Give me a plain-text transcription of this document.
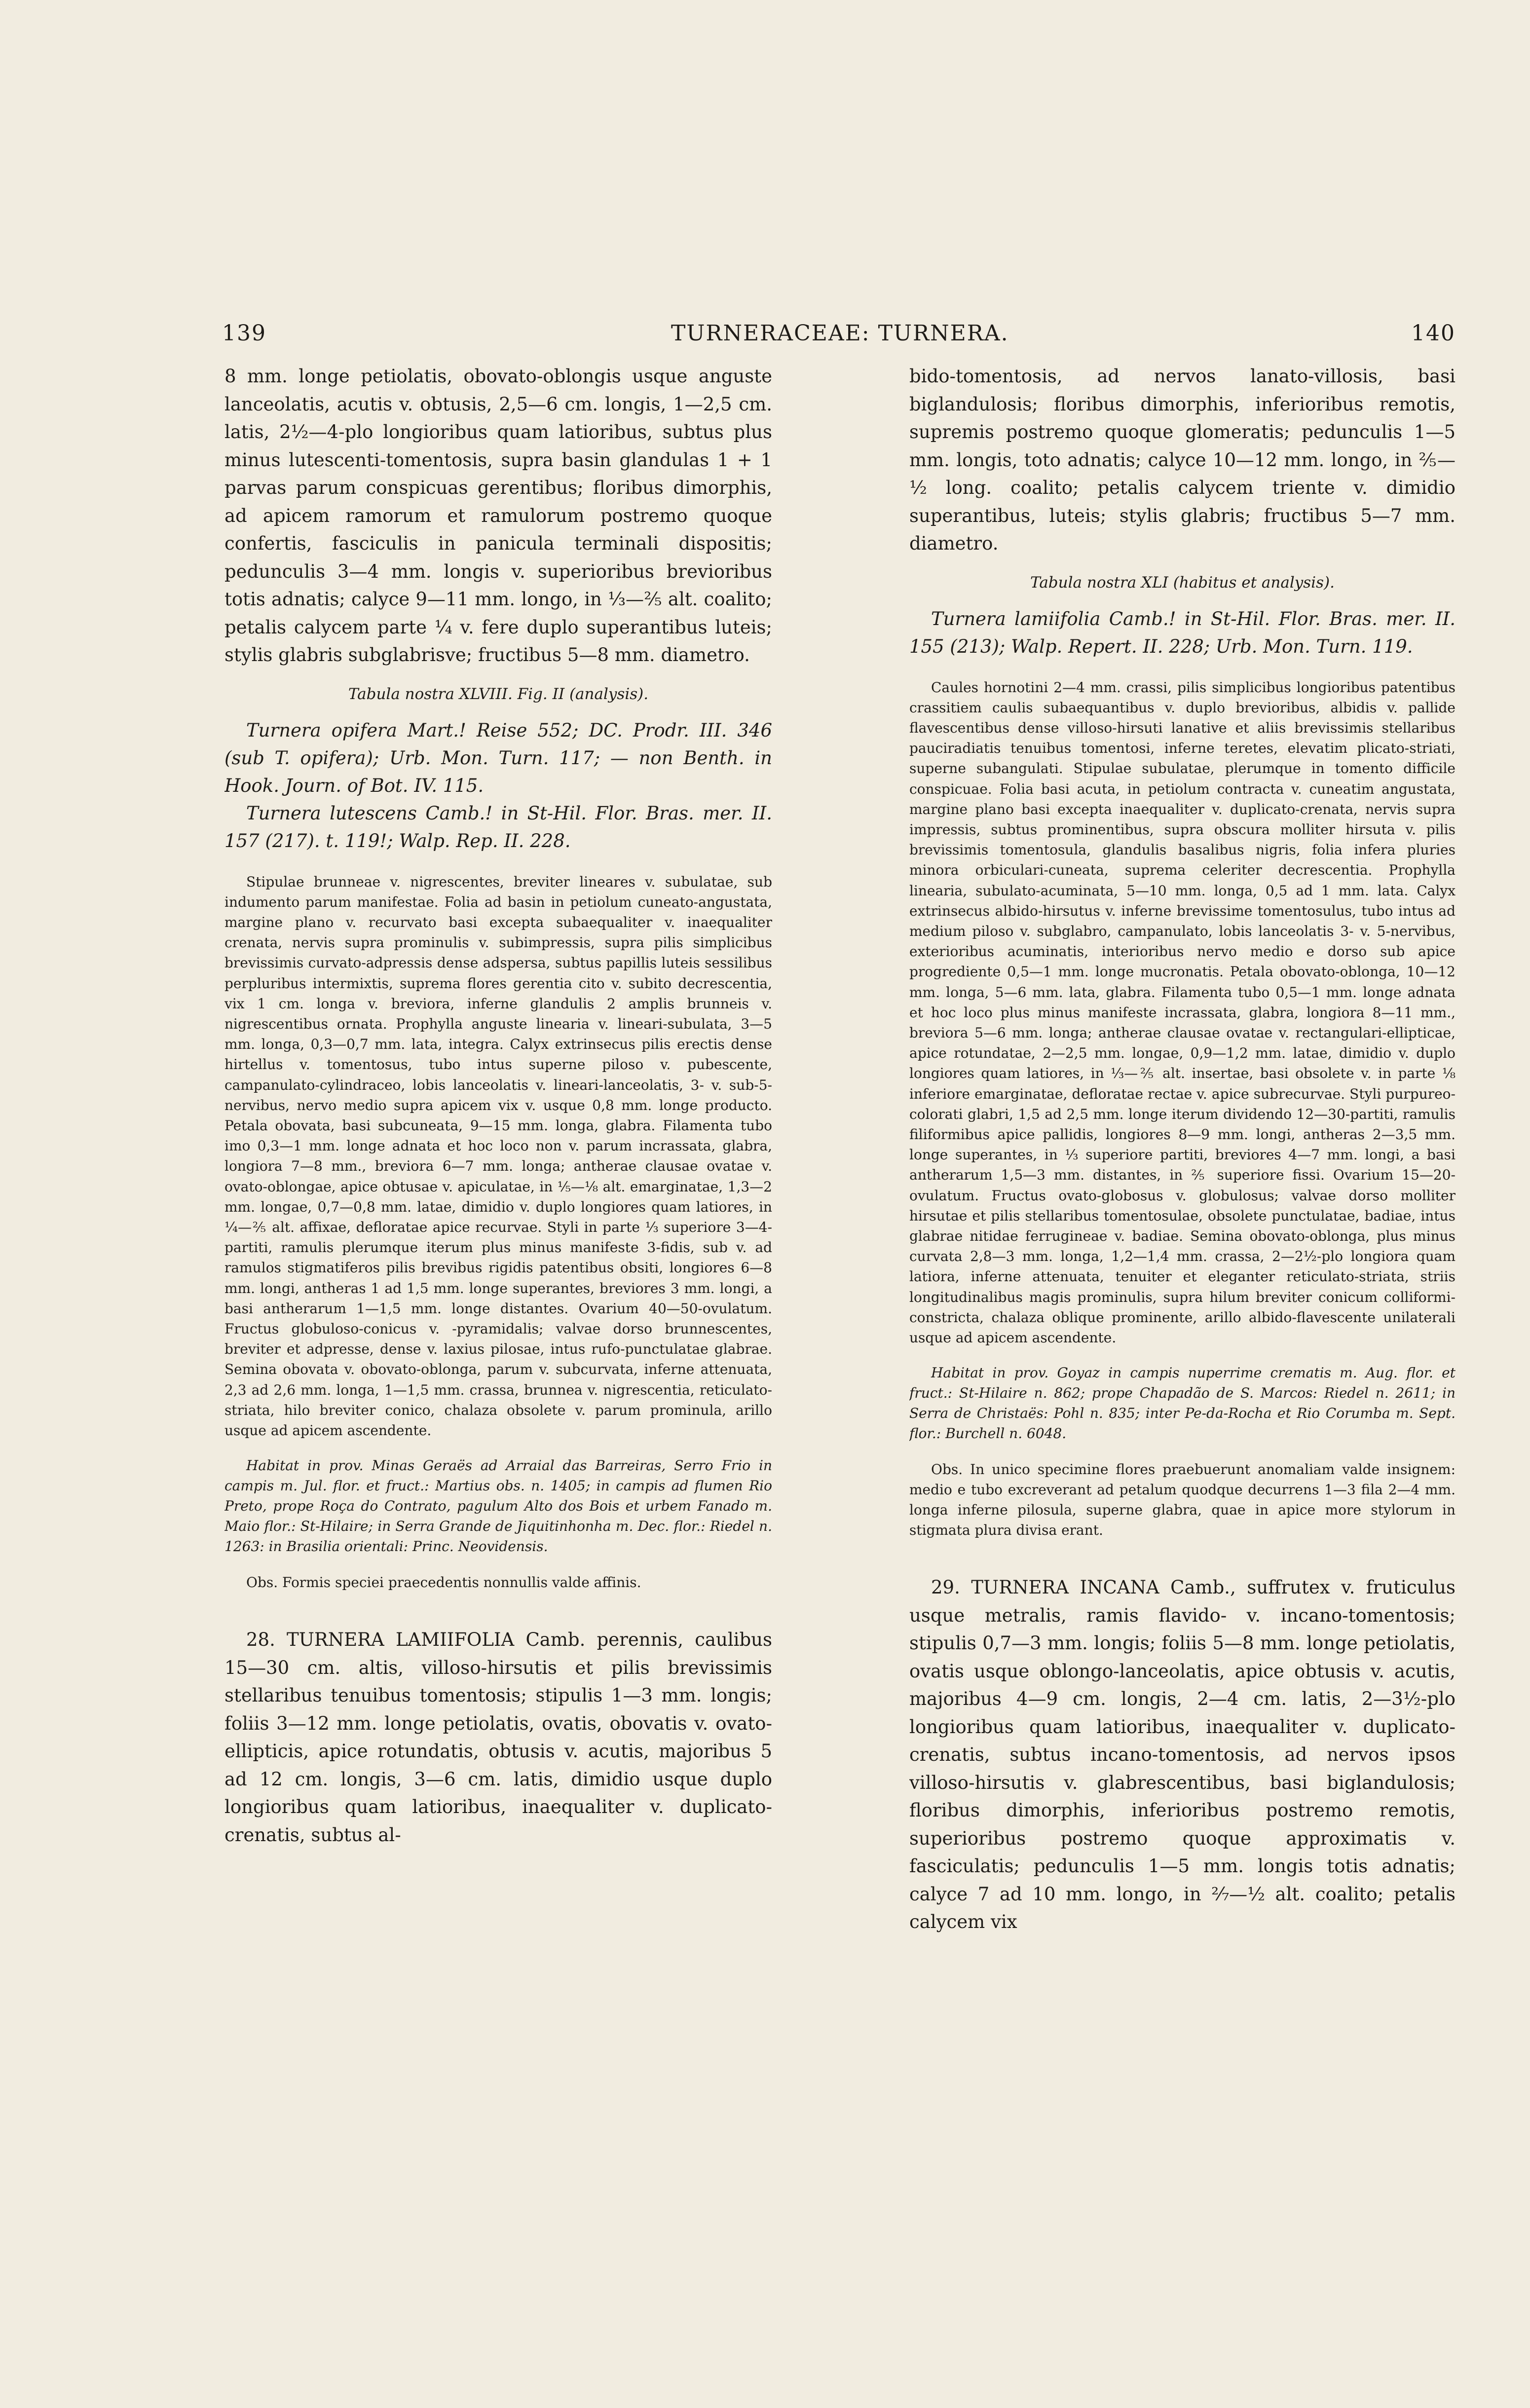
139	TURNERACEAE: TURNERA.	140

8 mm. longe petiolatis, obovato-oblongis usque anguste lanceolatis, acutis v. obtusis, 2,5—6 cm. longis, 1—2,5 cm. latis, 2½—4-plo longioribus quam latioribus, subtus plus minus lutescenti-tomentosis, supra basin glandulas 1 + 1 parvas parum conspicuas gerentibus; floribus dimorphis, ad apicem ramorum et ramulorum postremo quoque confertis, fasciculis in panicula terminali dispositis; pedunculis 3—4 mm. longis v. superioribus brevioribus totis adnatis; calyce 9—11 mm. longo, in ⅓—⅖ alt. coalito; petalis calycem parte ¼ v. fere duplo superantibus luteis; stylis glabris subglabrisve; fructibus 5—8 mm. diametro.

Tabula nostra XLVIII. Fig. II (analysis).

Turnera opifera Mart.! Reise 552; DC. Prodr. III. 346 (sub T. opifera); Urb. Mon. Turn. 117; — non Benth. in Hook. Journ. of Bot. IV. 115.

Turnera lutescens Camb.! in St-Hil. Flor. Bras. mer. II. 157 (217). t. 119!; Walp. Rep. II. 228.

Stipulae brunneae v. nigrescentes, breviter lineares v. subulatae, sub indumento parum manifestae. Folia ad basin in petiolum cuneato-angustata, margine plano v. recurvato basi excepta subaequaliter v. inaequaliter crenata, nervis supra prominulis v. subimpressis, supra pilis simplicibus brevissimis curvato-adpressis dense adspersa, subtus papillis luteis sessilibus perpluribus intermixtis, suprema flores gerentia cito v. subito decrescentia, vix 1 cm. longa v. breviora, inferne glandulis 2 amplis brunneis v. nigrescentibus ornata. Prophylla anguste linearia v. lineari-subulata, 3—5 mm. longa, 0,3—0,7 mm. lata, integra. Calyx extrinsecus pilis erectis dense hirtellus v. tomentosus, tubo intus superne piloso v. pubescente, campanulato-cylindraceo, lobis lanceolatis v. lineari-lanceolatis, 3- v. sub-5-nervibus, nervo medio supra apicem vix v. usque 0,8 mm. longe producto. Petala obovata, basi subcuneata, 9—15 mm. longa, glabra. Filamenta tubo imo 0,3—1 mm. longe adnata et hoc loco non v. parum incrassata, glabra, longiora 7—8 mm., breviora 6—7 mm. longa; antherae clausae ovatae v. ovato-oblongae, apice obtusae v. apiculatae, in ⅕—⅛ alt. emarginatae, 1,3—2 mm. longae, 0,7—0,8 mm. latae, dimidio v. duplo longiores quam latiores, in ¼—⅖ alt. affixae, defloratae apice recurvae. Styli in parte ⅓ superiore 3—4-partiti, ramulis plerumque iterum plus minus manifeste 3-fidis, sub v. ad ramulos stigmatiferos pilis brevibus rigidis patentibus obsiti, longiores 6—8 mm. longi, antheras 1 ad 1,5 mm. longe superantes, breviores 3 mm. longi, a basi antherarum 1—1,5 mm. longe distantes. Ovarium 40—50-ovulatum. Fructus globuloso-conicus v. -pyramidalis; valvae dorso brunnescentes, breviter et adpresse, dense v. laxius pilosae, intus rufo-punctulatae glabrae. Semina obovata v. obovato-oblonga, parum v. subcurvata, inferne attenuata, 2,3 ad 2,6 mm. longa, 1—1,5 mm. crassa, brunnea v. nigrescentia, reticulato-striata, hilo breviter conico, chalaza obsolete v. parum prominula, arillo usque ad apicem ascendente.

Habitat in prov. Minas Geraës ad Arraial das Barreiras, Serro Frio in campis m. Jul. flor. et fruct.: Martius obs. n. 1405; in campis ad flumen Rio Preto, prope Roça do Contrato, pagulum Alto dos Bois et urbem Fanado m. Maio flor.: St-Hilaire; in Serra Grande de Jiquitinhonha m. Dec. flor.: Riedel n. 1263: in Brasilia orientali: Princ. Neovidensis.

Obs. Formis speciei praecedentis nonnullis valde affinis.

28. TURNERA LAMIIFOLIA Camb. perennis, caulibus 15—30 cm. altis, villoso-hirsutis et pilis brevissimis stellaribus tenuibus tomentosis; stipulis 1—3 mm. longis; foliis 3—12 mm. longe petiolatis, ovatis, obovatis v. ovato-ellipticis, apice rotundatis, obtusis v. acutis, majoribus 5 ad 12 cm. longis, 3—6 cm. latis, dimidio usque duplo longioribus quam latioribus, inaequaliter v. duplicato-crenatis, subtus al-

bido-tomentosis, ad nervos lanato-villosis, basi biglandulosis; floribus dimorphis, inferioribus remotis, supremis postremo quoque glomeratis; pedunculis 1—5 mm. longis, toto adnatis; calyce 10—12 mm. longo, in ⅖—½ long. coalito; petalis calycem triente v. dimidio superantibus, luteis; stylis glabris; fructibus 5—7 mm. diametro.

Tabula nostra XLI (habitus et analysis).

Turnera lamiifolia Camb.! in St-Hil. Flor. Bras. mer. II. 155 (213); Walp. Repert. II. 228; Urb. Mon. Turn. 119.

Caules hornotini 2—4 mm. crassi, pilis simplicibus longioribus patentibus crassitiem caulis subaequantibus v. duplo brevioribus, albidis v. pallide flavescentibus dense villoso-hirsuti lanative et aliis brevissimis stellaribus pauciradiatis tenuibus tomentosi, inferne teretes, elevatim plicato-striati, superne subangulati. Stipulae subulatae, plerumque in tomento difficile conspicuae. Folia basi acuta, in petiolum contracta v. cuneatim angustata, margine plano basi excepta inaequaliter v. duplicato-crenata, nervis supra impressis, subtus prominentibus, supra obscura molliter hirsuta v. pilis brevissimis tomentosula, glandulis basalibus nigris, folia infera pluries minora orbiculari-cuneata, suprema celeriter decrescentia. Prophylla linearia, subulato-acuminata, 5—10 mm. longa, 0,5 ad 1 mm. lata. Calyx extrinsecus albido-hirsutus v. inferne brevissime tomentosulus, tubo intus ad medium piloso v. subglabro, campanulato, lobis lanceolatis 3- v. 5-nervibus, exterioribus acuminatis, interioribus nervo medio e dorso sub apice progrediente 0,5—1 mm. longe mucronatis. Petala obovato-oblonga, 10—12 mm. longa, 5—6 mm. lata, glabra. Filamenta tubo 0,5—1 mm. longe adnata et hoc loco plus minus manifeste incrassata, glabra, longiora 8—11 mm., breviora 5—6 mm. longa; antherae clausae ovatae v. rectangulari-ellipticae, apice rotundatae, 2—2,5 mm. longae, 0,9—1,2 mm. latae, dimidio v. duplo longiores quam latiores, in ⅓—⅖ alt. insertae, basi obsolete v. in parte ⅛ inferiore emarginatae, defloratae rectae v. apice subrecurvae. Styli purpureo-colorati glabri, 1,5 ad 2,5 mm. longe iterum dividendo 12—30-partiti, ramulis filiformibus apice pallidis, longiores 8—9 mm. longi, antheras 2—3,5 mm. longe superantes, in ⅓ superiore partiti, breviores 4—7 mm. longi, a basi antherarum 1,5—3 mm. distantes, in ⅖ superiore fissi. Ovarium 15—20-ovulatum. Fructus ovato-globosus v. globulosus; valvae dorso molliter hirsutae et pilis stellaribus tomentosulae, obsolete punctulatae, badiae, intus glabrae nitidae ferrugineae v. badiae. Semina obovato-oblonga, plus minus curvata 2,8—3 mm. longa, 1,2—1,4 mm. crassa, 2—2½-plo longiora quam latiora, inferne attenuata, tenuiter et eleganter reticulato-striata, striis longitudinalibus magis prominulis, supra hilum breviter conicum colliformi-constricta, chalaza oblique prominente, arillo albido-flavescente unilaterali usque ad apicem ascendente.

Habitat in prov. Goyaz in campis nuperrime crematis m. Aug. flor. et fruct.: St-Hilaire n. 862; prope Chapadão de S. Marcos: Riedel n. 2611; in Serra de Christaës: Pohl n. 835; inter Pe-da-Rocha et Rio Corumba m. Sept. flor.: Burchell n. 6048.

Obs. In unico specimine flores praebuerunt anomaliam valde insignem: medio e tubo excreverant ad petalum quodque decurrens 1—3 fila 2—4 mm. longa inferne pilosula, superne glabra, quae in apice more stylorum in stigmata plura divisa erant.

29. TURNERA INCANA Camb., suffrutex v. fruticulus usque metralis, ramis flavido- v. incano-tomentosis; stipulis 0,7—3 mm. longis; foliis 5—8 mm. longe petiolatis, ovatis usque oblongo-lanceolatis, apice obtusis v. acutis, majoribus 4—9 cm. longis, 2—4 cm. latis, 2—3½-plo longioribus quam latioribus, inaequaliter v. duplicato-crenatis, subtus incano-tomentosis, ad nervos ipsos villoso-hirsutis v. glabrescentibus, basi biglandulosis; floribus dimorphis, inferioribus postremo remotis, superioribus postremo quoque approximatis v. fasciculatis; pedunculis 1—5 mm. longis totis adnatis; calyce 7 ad 10 mm. longo, in ²⁄₇—½ alt. coalito; petalis calycem vix
